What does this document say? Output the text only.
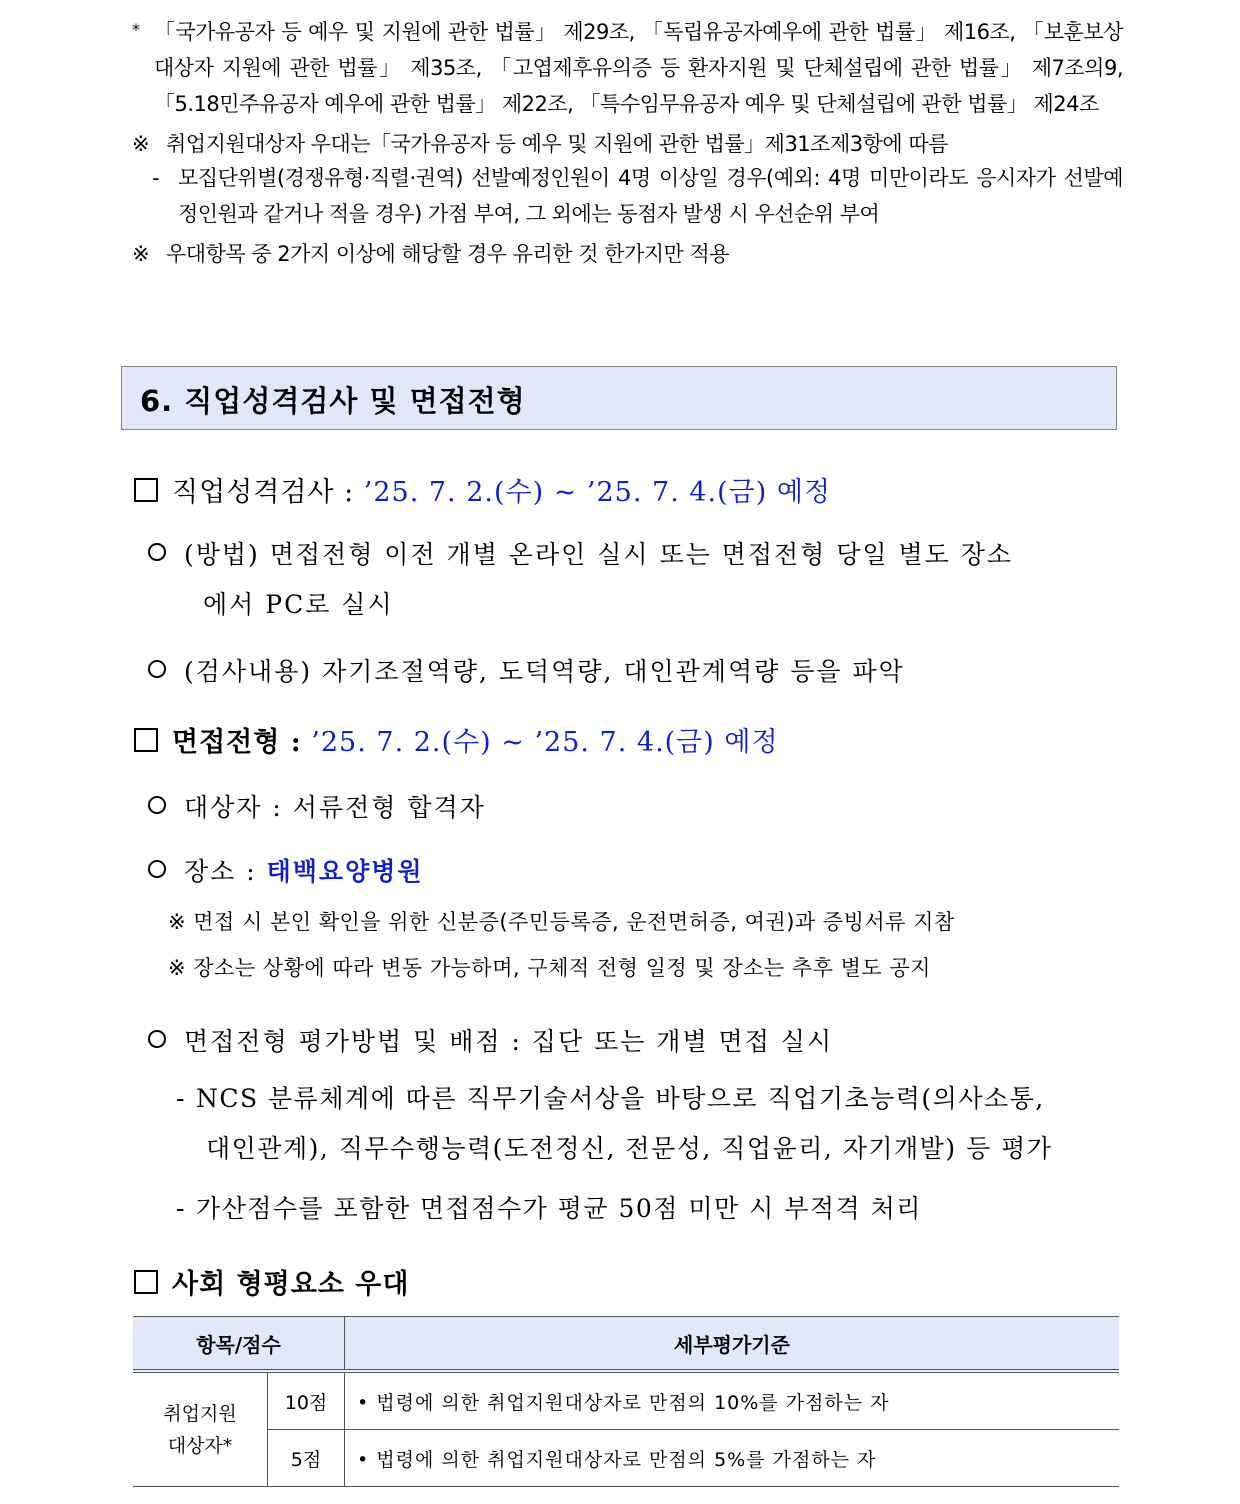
* 「국가유공자 등 예우 및 지원에 관한 법률」 제29조, 「독립유공자예우에 관한 법률」 제16조, 「보훈보상대상자 지원에 관한 법률」 제35조, 「고엽제후유의증 등 환자지원 및 단체설립에 관한 법률」 제7조의9, 「5.18민주유공자 예우에 관한 법률」 제22조, 「특수임무유공자 예우 및 단체설립에 관한 법률」 제24조
※ 취업지원대상자 우대는「국가유공자 등 예우 및 지원에 관한 법률」제31조제3항에 따름
- 모집단위별(경쟁유형·직렬·권역) 선발예정인원이 4명 이상일 경우(예외: 4명 미만이라도 응시자가 선발예정인원과 같거나 적을 경우) 가점 부여, 그 외에는 동점자 발생 시 우선순위 부여
※ 우대항목 중 2가지 이상에 해당할 경우 유리한 것 한가지만 적용
6. 직업성격검사 및 면접전형
직업성격검사 : ’25. 7. 2.(수) ~ ’25. 7. 4.(금) 예정
(방법) 면접전형 이전 개별 온라인 실시 또는 면접전형 당일 별도 장소
에서 PC로 실시
(검사내용) 자기조절역량, 도덕역량, 대인관계역량 등을 파악
면접전형 : ’25. 7. 2.(수) ~ ’25. 7. 4.(금) 예정
대상자 : 서류전형 합격자
장소 : 태백요양병원
※ 면접 시 본인 확인을 위한 신분증(주민등록증, 운전면허증, 여권)과 증빙서류 지참
※ 장소는 상황에 따라 변동 가능하며, 구체적 전형 일정 및 장소는 추후 별도 공지
면접전형 평가방법 및 배점 : 집단 또는 개별 면접 실시
- NCS 분류체계에 따른 직무기술서상을 바탕으로 직업기초능력(의사소통,
대인관계), 직무수행능력(도전정신, 전문성, 직업윤리, 자기개발) 등 평가
- 가산점수를 포함한 면접점수가 평균 50점 미만 시 부적격 처리
사회 형평요소 우대
항목/점수		세부평가기준
취업지원
대상자*	10점	• 법령에 의한 취업지원대상자로 만점의 10%를 가점하는 자
	5점	• 법령에 의한 취업지원대상자로 만점의 5%를 가점하는 자
